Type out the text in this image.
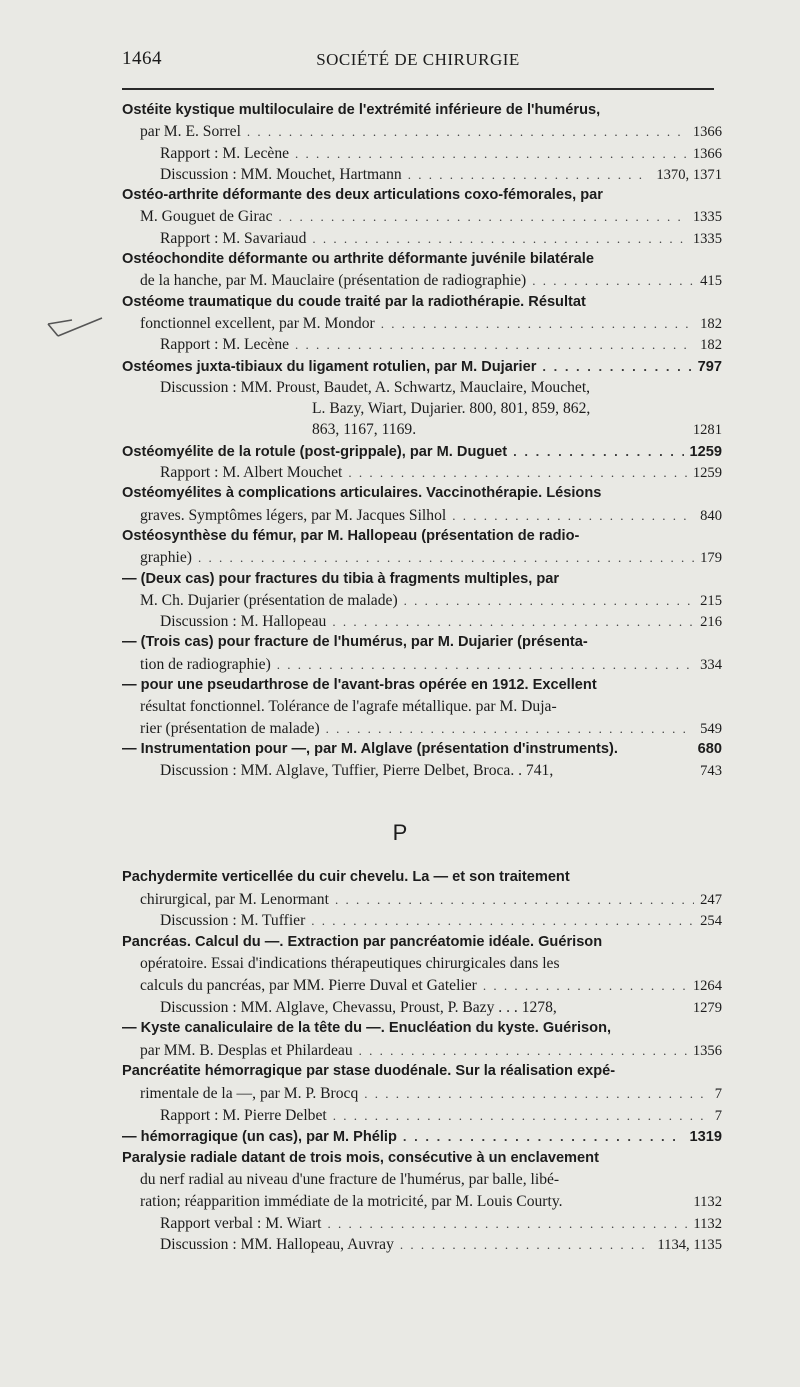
1464	SOCIÉTÉ DE CHIRURGIE
Ostéite kystique multiloculaire de l'extrémité inférieure de l'humérus,
par M. E. Sorrel . . .	1366
Rapport : M. Lecène . . .	1366
Discussion : MM. Mouchet, Hartmann . . .	1370, 1371
Ostéo-arthrite déformante des deux articulations coxo-fémorales, par
M. Gouguet de Girac . . .	1335
Rapport : M. Savariaud . . .	1335
Ostéochondite déformante ou arthrite déformante juvénile bilatérale
de la hanche, par M. Mauclaire (présentation de radiographie) . . .	415
Ostéome traumatique du coude traité par la radiothérapie. Résultat
fonctionnel excellent, par M. Mondor . . .	182
Rapport : M. Lecène . . .	182
Ostéomes juxta-tibiaux du ligament rotulien, par M. Dujarier . . .	797
Discussion : MM. Proust, Baudet, A. Schwartz, Mauclaire, Mouchet,
L. Bazy, Wiart, Dujarier. 800, 801, 859, 862,
863, 1167, 1169.	1281
Ostéomyélite de la rotule (post-grippale), par M. Duguet . . .	1259
Rapport : M. Albert Mouchet . . .	1259
Ostéomyélites à complications articulaires. Vaccinothérapie. Lésions
graves. Symptômes légers, par M. Jacques Silhol . . .	840
Ostéosynthèse du fémur, par M. Hallopeau (présentation de radio-
graphie) . . .	179
— (Deux cas) pour fractures du tibia à fragments multiples, par
M. Ch. Dujarier (présentation de malade) . . .	215
Discussion : M. Hallopeau . . .	216
— (Trois cas) pour fracture de l'humérus, par M. Dujarier (présenta-
tion de radiographie) . . .	334
— pour une pseudarthrose de l'avant-bras opérée en 1912. Excellent
résultat fonctionnel. Tolérance de l'agrafe métallique. par M. Duja-
rier (présentation de malade) . . .	549
— Instrumentation pour —, par M. Alglave (présentation d'instruments).	680
Discussion : MM. Alglave, Tuffier, Pierre Delbet, Broca. . 741,	743
P
Pachydermite verticellée du cuir chevelu. La — et son traitement
chirurgical, par M. Lenormant . . .	247
Discussion : M. Tuffier . . .	254
Pancréas. Calcul du —. Extraction par pancréatomie idéale. Guérison
opératoire. Essai d'indications thérapeutiques chirurgicales dans les
calculs du pancréas, par MM. Pierre Duval et Gatelier . . .	1264
Discussion : MM. Alglave, Chevassu, Proust, P. Bazy . . . 1278,	1279
— Kyste canaliculaire de la tête du —. Enucléation du kyste. Guérison,
par MM. B. Desplas et Philardeau . . .	1356
Pancréatite hémorragique par stase duodénale. Sur la réalisation expé-
rimentale de la —, par M. P. Brocq . . .	7
Rapport : M. Pierre Delbet . . .	7
— hémorragique (un cas), par M. Phélip . . .	1319
Paralysie radiale datant de trois mois, consécutive à un enclavement
du nerf radial au niveau d'une fracture de l'humérus, par balle, libé-
ration; réapparition immédiate de la motricité, par M. Louis Courty.	1132
Rapport verbal : M. Wiart . . .	1132
Discussion : MM. Hallopeau, Auvray . . .	1134, 1135
